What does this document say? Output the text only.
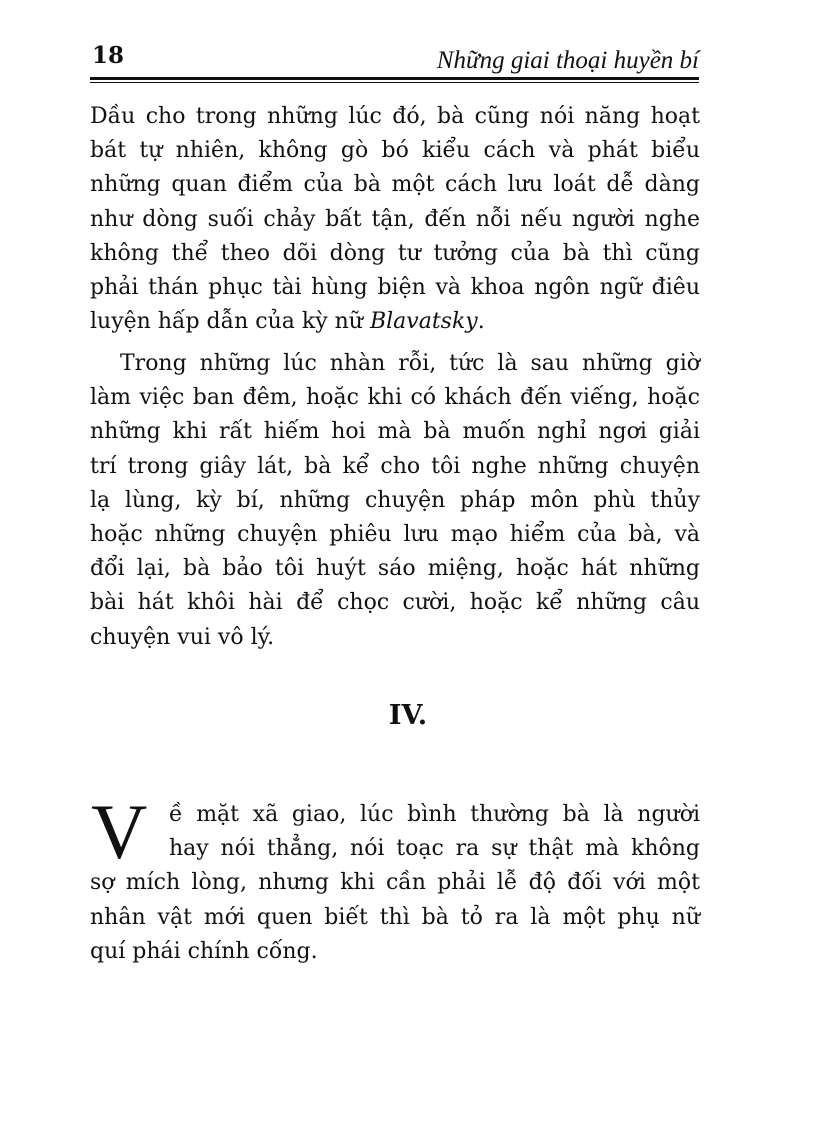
18	Những giai thoại huyền bí
Dầu cho trong những lúc đó, bà cũng nói năng hoạt
bát tự nhiên, không gò bó kiểu cách và phát biểu
những quan điểm của bà một cách lưu loát dễ dàng
như dòng suối chảy bất tận, đến nỗi nếu người nghe
không thể theo dõi dòng tư tưởng của bà thì cũng
phải thán phục tài hùng biện và khoa ngôn ngữ điêu
luyện hấp dẫn của kỳ nữ Blavatsky.
Trong những lúc nhàn rỗi, tức là sau những giờ
làm việc ban đêm, hoặc khi có khách đến viếng, hoặc
những khi rất hiếm hoi mà bà muốn nghỉ ngơi giải
trí trong giây lát, bà kể cho tôi nghe những chuyện
lạ lùng, kỳ bí, những chuyện pháp môn phù thủy
hoặc những chuyện phiêu lưu mạo hiểm của bà, và
đổi lại, bà bảo tôi huýt sáo miệng, hoặc hát những
bài hát khôi hài để chọc cười, hoặc kể những câu
chuyện vui vô lý.
IV.
V ề mặt xã giao, lúc bình thường bà là người
hay nói thẳng, nói toạc ra sự thật mà không
sợ mích lòng, nhưng khi cần phải lễ độ đối với một
nhân vật mới quen biết thì bà tỏ ra là một phụ nữ
quí phái chính cống.
